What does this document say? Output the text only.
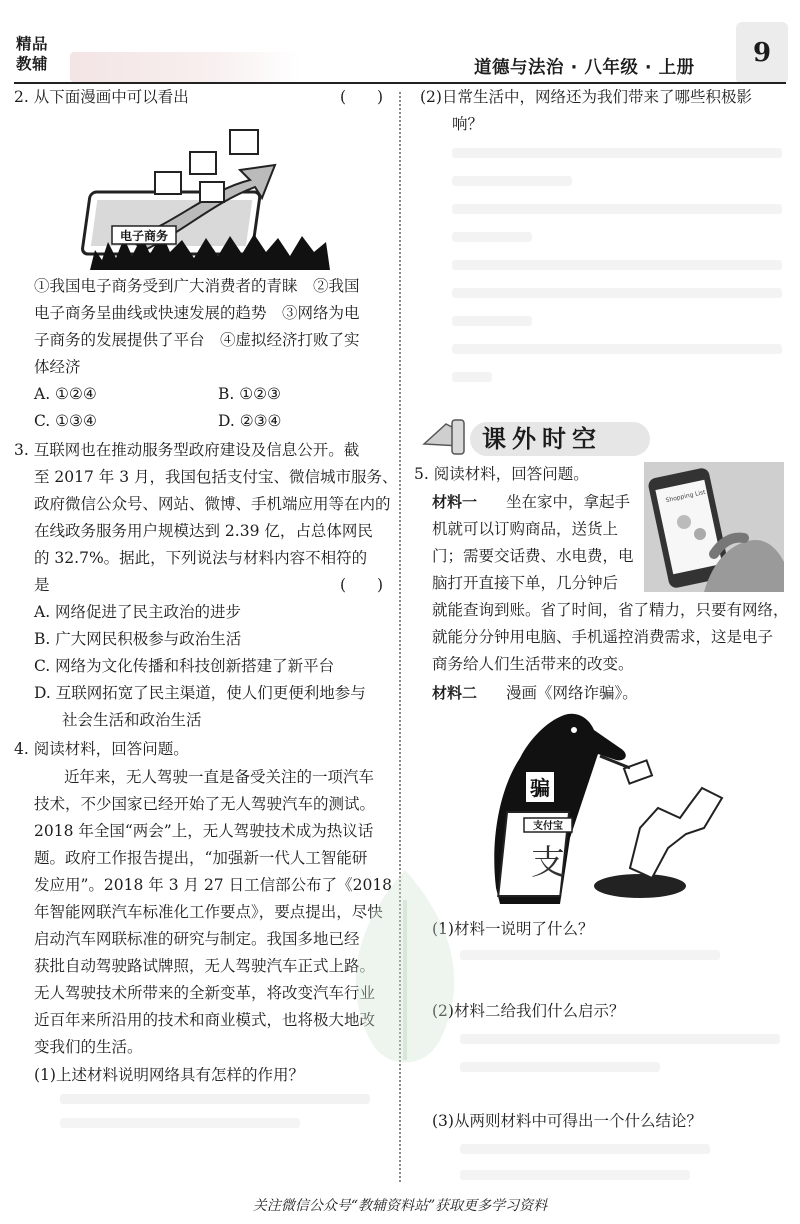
精品
教辅	道德与法治 · 八年级 · 上册	9
2. 从下面漫画中可以看出	(　　)
电子商务
①我国电子商务受到广大消费者的青睐　②我国
电子商务呈曲线或快速发展的趋势　③网络为电
子商务的发展提供了平台　④虚拟经济打败了实
体经济
A. ①②④	B. ①②③
C. ①③④	D. ②③④
3. 互联网也在推动服务型政府建设及信息公开。截
至 2017 年 3 月，我国包括支付宝、微信城市服务、
政府微信公众号、网站、微博、手机端应用等在内的
在线政务服务用户规模达到 2.39 亿，占总体网民
的 32.7%。据此，下列说法与材料内容不相符的
是	(　　)
A. 网络促进了民主政治的进步
B. 广大网民积极参与政治生活
C. 网络为文化传播和科技创新搭建了新平台
D. 互联网拓宽了民主渠道，使人们更便利地参与
社会生活和政治生活
4. 阅读材料，回答问题。
近年来，无人驾驶一直是备受关注的一项汽车
技术，不少国家已经开始了无人驾驶汽车的测试。
2018 年全国“两会”上，无人驾驶技术成为热议话
题。政府工作报告提出，“加强新一代人工智能研
发应用”。2018 年 3 月 27 日工信部公布了《2018
年智能网联汽车标准化工作要点》，要点提出，尽快
启动汽车网联标准的研究与制定。我国多地已经
获批自动驾驶路试牌照，无人驾驶汽车正式上路。
无人驾驶技术所带来的全新变革，将改变汽车行业
近百年来所沿用的技术和商业模式，也将极大地改
变我们的生活。
(1)上述材料说明网络具有怎样的作用？
(2)日常生活中，网络还为我们带来了哪些积极影
响？
课外时空
5. 阅读材料，回答问题。
材料一 坐在家中，拿起手
机就可以订购商品，送货上
门；需要交话费、水电费，电
脑打开直接下单，几分钟后
Shopping List
就能查询到账。省了时间，省了精力，只要有网络，
就能分分钟用电脑、手机遥控消费需求，这是电子
商务给人们生活带来的改变。
材料二 漫画《网络诈骗》。
骗
支付宝
支
(1)材料一说明了什么？
(2)材料二给我们什么启示？
(3)从两则材料中可得出一个什么结论？
关注微信公众号“教辅资料站”获取更多学习资料
